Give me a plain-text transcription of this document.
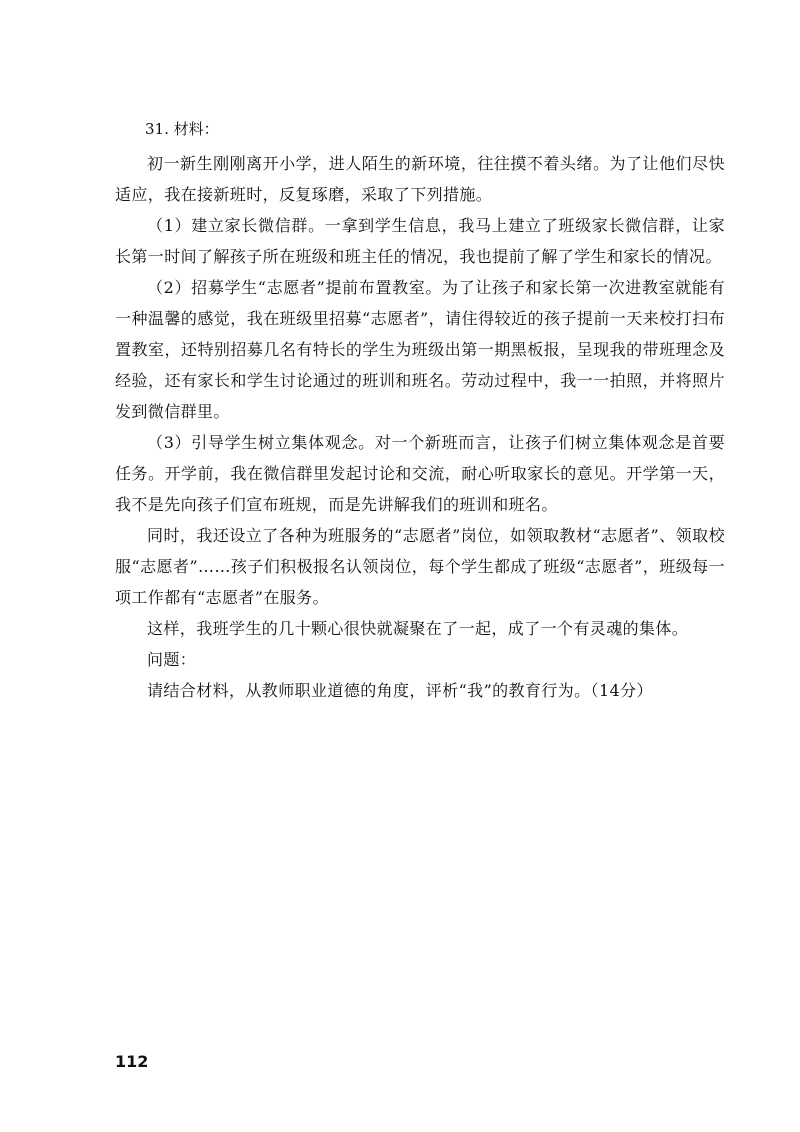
31. 材料：

初一新生刚刚离开小学，进人陌生的新环境，往往摸不着头绪。为了让他们尽快适应，我在接新班时，反复琢磨，采取了下列措施。

（1）建立家长微信群。一拿到学生信息，我马上建立了班级家长微信群，让家长第一时间了解孩子所在班级和班主任的情况，我也提前了解了学生和家长的情况。

（2）招募学生“志愿者”提前布置教室。为了让孩子和家长第一次进教室就能有一种温馨的感觉，我在班级里招募“志愿者”，请住得较近的孩子提前一天来校打扫布置教室，还特别招募几名有特长的学生为班级出第一期黑板报，呈现我的带班理念及经验，还有家长和学生讨论通过的班训和班名。劳动过程中，我一一拍照，并将照片发到微信群里。

（3）引导学生树立集体观念。对一个新班而言，让孩子们树立集体观念是首要任务。开学前，我在微信群里发起讨论和交流，耐心听取家长的意见。开学第一天，我不是先向孩子们宣布班规，而是先讲解我们的班训和班名。

同时，我还设立了各种为班服务的“志愿者”岗位，如领取教材“志愿者”、领取校服“志愿者”……孩子们积极报名认领岗位，每个学生都成了班级“志愿者”，班级每一项工作都有“志愿者”在服务。

这样，我班学生的几十颗心很快就凝聚在了一起，成了一个有灵魂的集体。

问题：

请结合材料，从教师职业道德的角度，评析“我”的教育行为。（14分）

112
